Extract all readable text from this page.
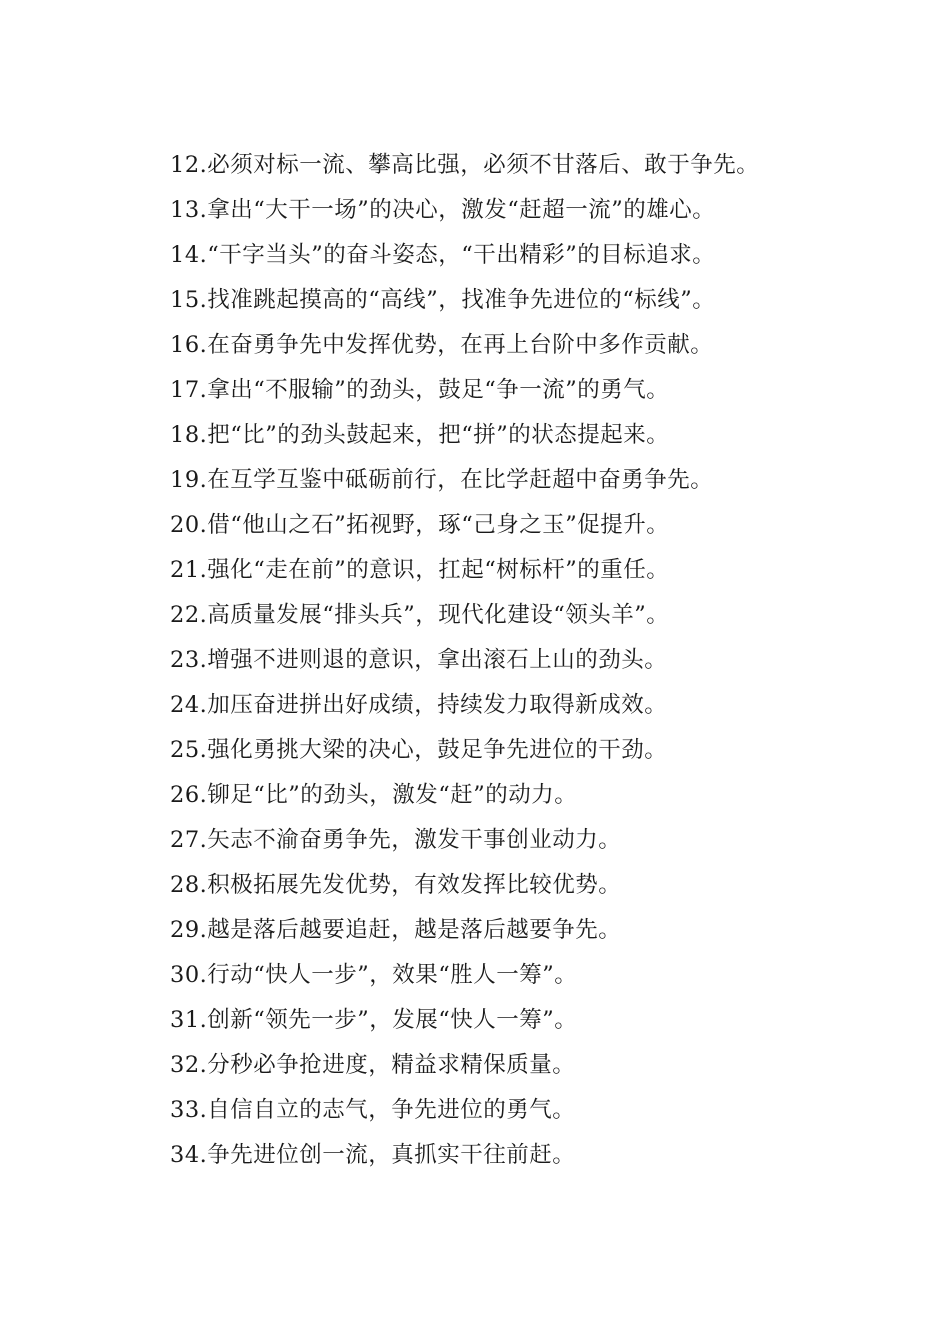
12.必须对标一流、攀高比强，必须不甘落后、敢于争先。
13.拿出“大干一场”的决心，激发“赶超一流”的雄心。
14.“干字当头”的奋斗姿态，“干出精彩”的目标追求。
15.找准跳起摸高的“高线”，找准争先进位的“标线”。
16.在奋勇争先中发挥优势，在再上台阶中多作贡献。
17.拿出“不服输”的劲头，鼓足“争一流”的勇气。
18.把“比”的劲头鼓起来，把“拼”的状态提起来。
19.在互学互鉴中砥砺前行，在比学赶超中奋勇争先。
20.借“他山之石”拓视野，琢“己身之玉”促提升。
21.强化“走在前”的意识，扛起“树标杆”的重任。
22.高质量发展“排头兵”，现代化建设“领头羊”。
23.增强不进则退的意识，拿出滚石上山的劲头。
24.加压奋进拼出好成绩，持续发力取得新成效。
25.强化勇挑大梁的决心，鼓足争先进位的干劲。
26.铆足“比”的劲头，激发“赶”的动力。
27.矢志不渝奋勇争先，激发干事创业动力。
28.积极拓展先发优势，有效发挥比较优势。
29.越是落后越要追赶，越是落后越要争先。
30.行动“快人一步”，效果“胜人一筹”。
31.创新“领先一步”，发展“快人一筹”。
32.分秒必争抢进度，精益求精保质量。
33.自信自立的志气，争先进位的勇气。
34.争先进位创一流，真抓实干往前赶。
